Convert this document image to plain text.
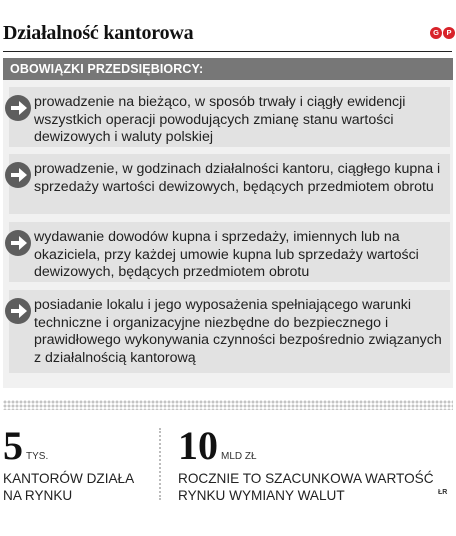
Działalność kantorowa	G	P
OBOWIĄZKI PRZEDSIĘBIORCY:
prowadzenie na bieżąco, w sposób trwały i ciągły ewidencji wszystkich operacji powodujących zmianę stanu wartości dewizowych i waluty polskiej
prowadzenie, w godzinach działalności kantoru, ciągłego kupna i sprzedaży wartości dewizowych, będących przedmiotem obrotu
wydawanie dowodów kupna i sprzedaży, imiennych lub na okaziciela, przy każdej umowie kupna lub sprzedaży wartości dewizowych, będących przedmiotem obrotu
posiadanie lokalu i jego wyposażenia spełniającego warunki techniczne i organizacyjne niezbędne do bezpiecznego i prawidłowego wykonywania czynności bezpośrednio związanych z działalnością kantorową
5 TYS.
KANTORÓW DZIAŁA
NA RYNKU
10 MLD ZŁ
ROCZNIE TO SZACUNKOWA WARTOŚĆ
RYNKU WYMIANY WALUT	ŁR
